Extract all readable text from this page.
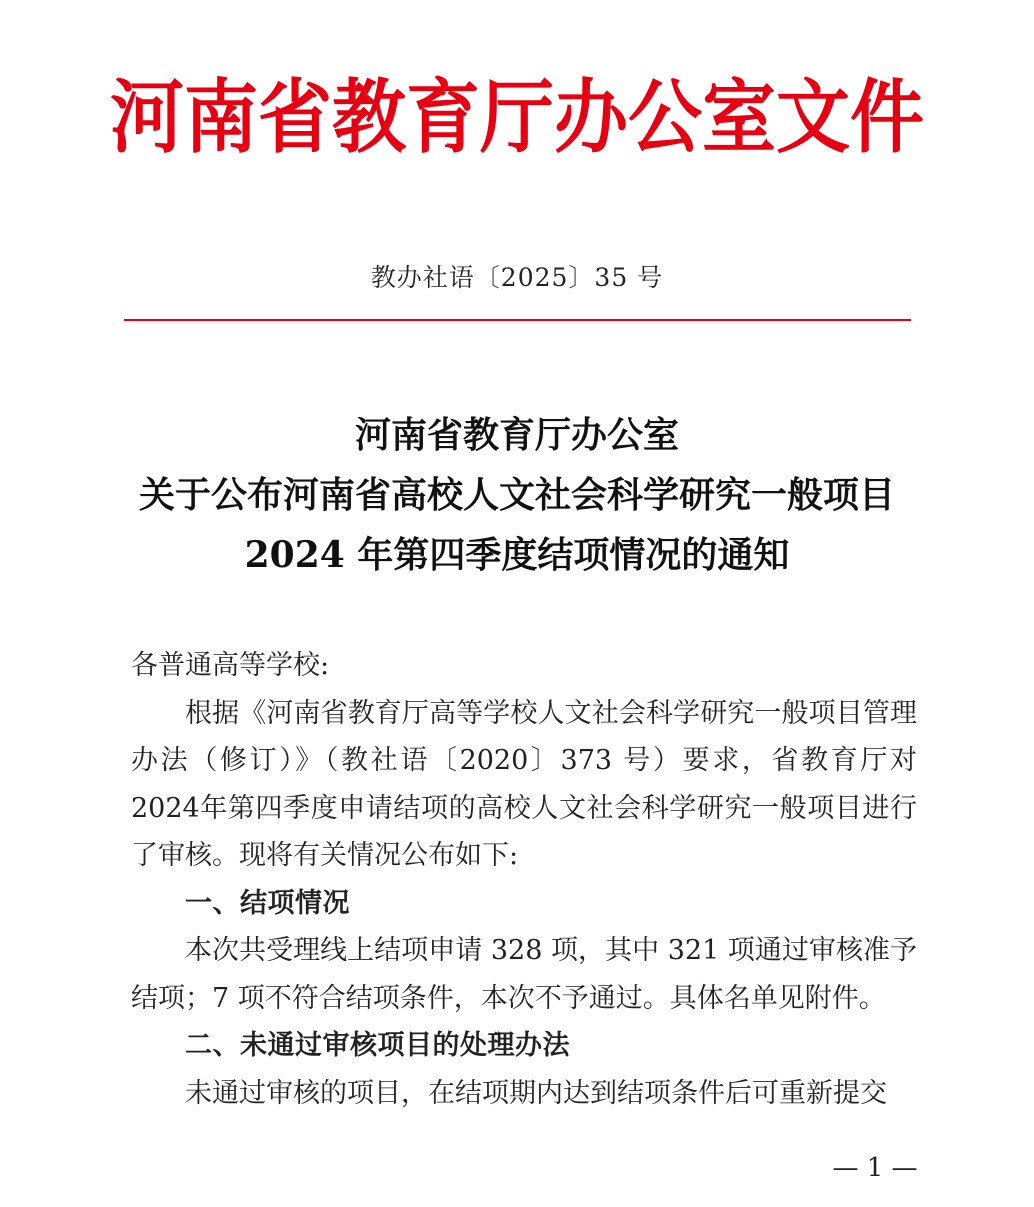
河南省教育厅办公室文件
教办社语〔2025〕35 号
河南省教育厅办公室
关于公布河南省高校人文社会科学研究一般项目
2024 年第四季度结项情况的通知

各普通高等学校:

根据《河南省教育厅高等学校人文社会科学研究一般项目管理办法（修订）》（教社语〔2020〕373 号）要求，省教育厅对 2024年第四季度申请结项的高校人文社会科学研究一般项目进行了审核。现将有关情况公布如下:

一、结项情况

本次共受理线上结项申请 328 项，其中 321 项通过审核准予结项；7 项不符合结项条件，本次不予通过。具体名单见附件。

二、未通过审核项目的处理办法

未通过审核的项目，在结项期内达到结项条件后可重新提交

— 1 —
